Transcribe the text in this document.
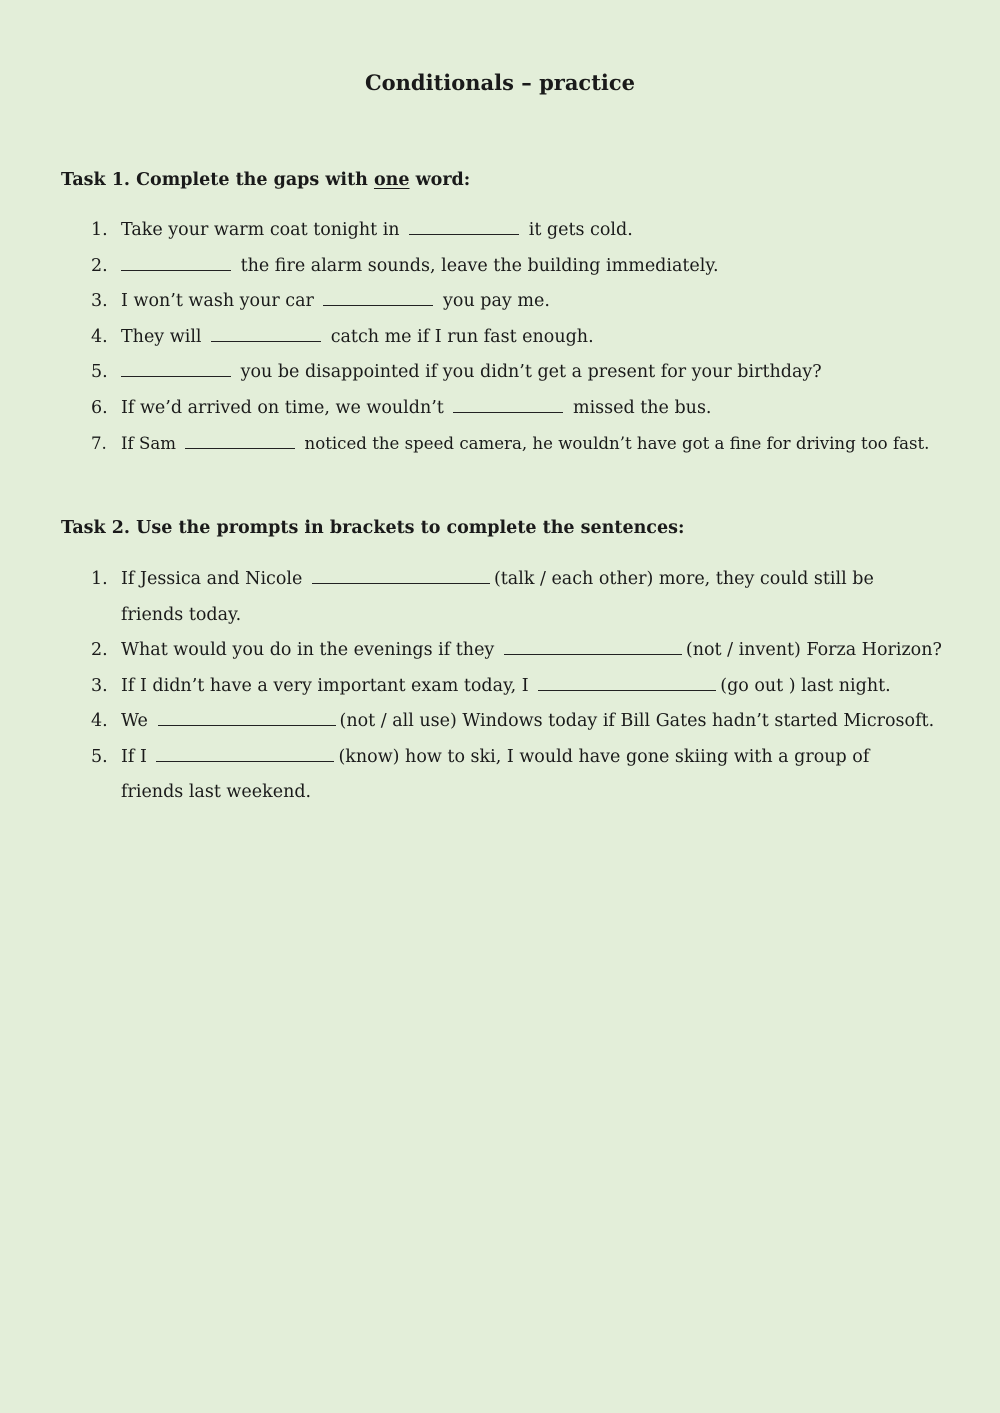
Conditionals – practice
Task 1. Complete the gaps with one word:
1. Take your warm coat tonight in	it gets cold.
2.	the fire alarm sounds, leave the building immediately.
3. I won’t wash your car	you pay me.
4. They will	catch me if I run fast enough.
5.	you be disappointed if you didn’t get a present for your birthday?
6. If we’d arrived on time, we wouldn’t	missed the bus.
7. If Sam	noticed the speed camera, he wouldn’t have got a fine for driving too fast.
Task 2. Use the prompts in brackets to complete the sentences:
1. If Jessica and Nicole	(talk / each other) more, they could still be friends today.
2. What would you do in the evenings if they	(not / invent) Forza Horizon?
3. If I didn’t have a very important exam today, I	(go out ) last night.
4. We	(not / all use) Windows today if Bill Gates hadn’t started Microsoft.
5. If I	(know) how to ski, I would have gone skiing with a group of friends last weekend.
